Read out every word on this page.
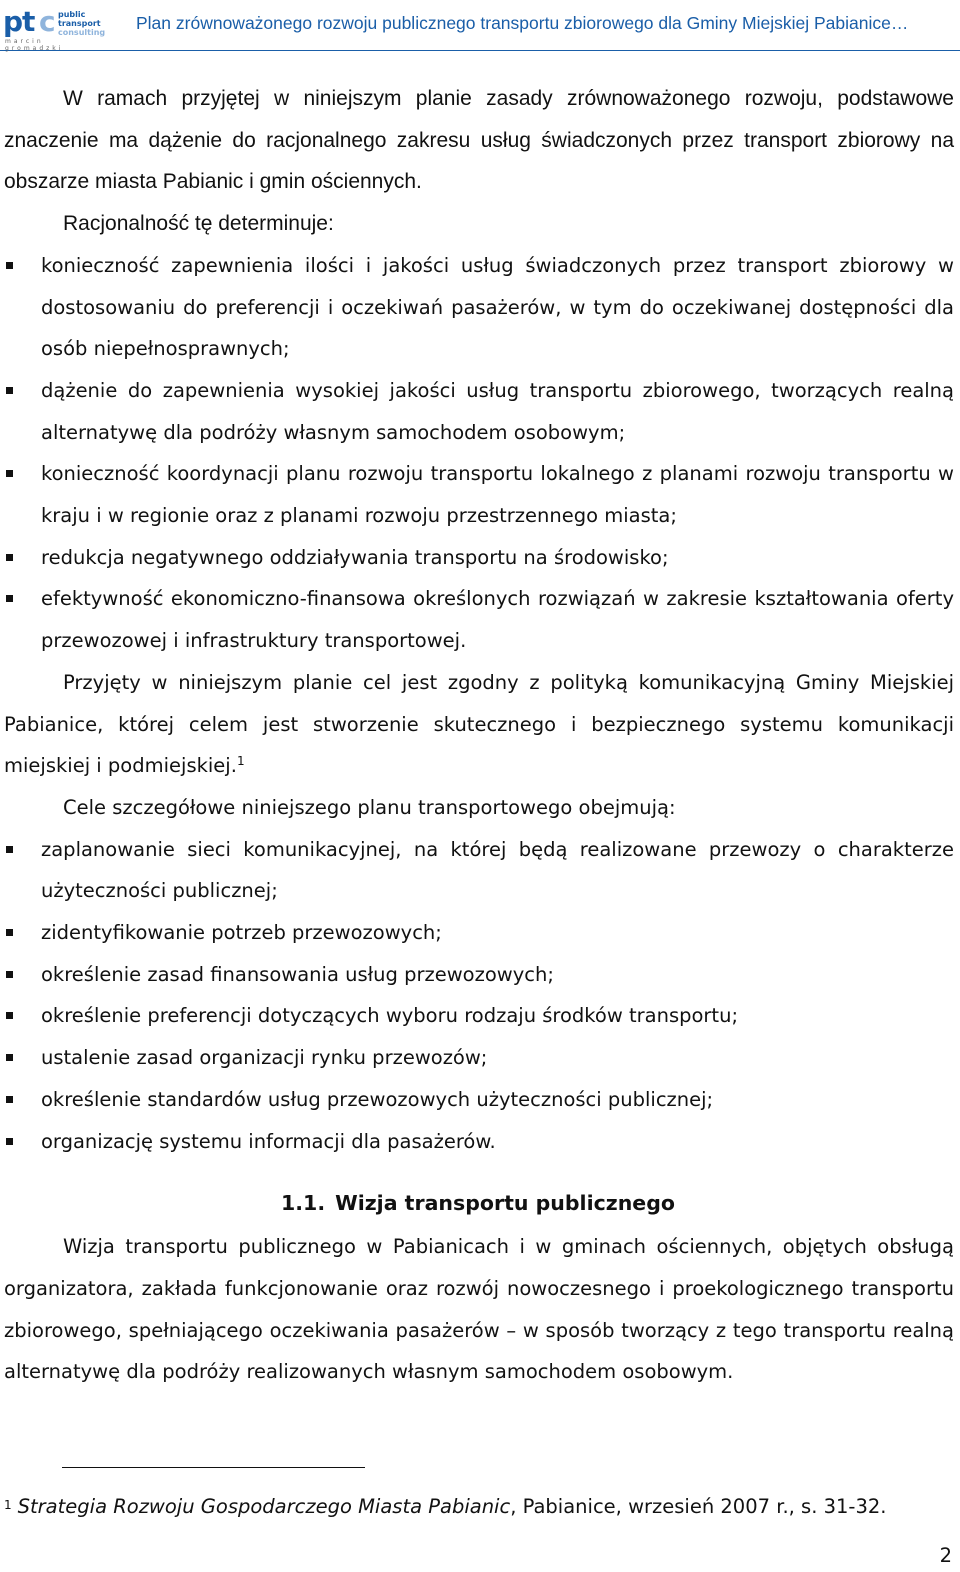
pt c public
transport
consulting
marcin gromadzki
Plan zrównoważonego rozwoju publicznego transportu zbiorowego dla Gminy Miejskiej Pabianice…

W ramach przyjętej w niniejszym planie zasady zrównoważonego rozwoju, podstawowe znaczenie ma dążenie do racjonalnego zakresu usług świadczonych przez transport zbiorowy na obszarze miasta Pabianic i gmin ościennych.

Racjonalność tę determinuje:

konieczność zapewnienia ilości i jakości usług świadczonych przez transport zbiorowy w dostosowaniu do preferencji i oczekiwań pasażerów, w tym do oczekiwanej dostępności dla osób niepełnosprawnych;
dążenie do zapewnienia wysokiej jakości usług transportu zbiorowego, tworzących realną alternatywę dla podróży własnym samochodem osobowym;
konieczność koordynacji planu rozwoju transportu lokalnego z planami rozwoju transportu w kraju i w regionie oraz z planami rozwoju przestrzennego miasta;
redukcja negatywnego oddziaływania transportu na środowisko;
efektywność ekonomiczno-finansowa określonych rozwiązań w zakresie kształtowania oferty przewozowej i infrastruktury transportowej.

Przyjęty w niniejszym planie cel jest zgodny z polityką komunikacyjną Gminy Miejskiej Pabianice, której celem jest stworzenie skutecznego i bezpiecznego systemu komunikacji miejskiej i podmiejskiej.$^1$

Cele szczegółowe niniejszego planu transportowego obejmują:

zaplanowanie sieci komunikacyjnej, na której będą realizowane przewozy o charakterze użyteczności publicznej;
zidentyfikowanie potrzeb przewozowych;
określenie zasad finansowania usług przewozowych;
określenie preferencji dotyczących wyboru rodzaju środków transportu;
ustalenie zasad organizacji rynku przewozów;
określenie standardów usług przewozowych użyteczności publicznej;
organizację systemu informacji dla pasażerów.
1.1. Wizja transportu publicznego

Wizja transportu publicznego w Pabianicach i w gminach ościennych, objętych obsługą organizatora, zakłada funkcjonowanie oraz rozwój nowoczesnego i proekologicznego transportu zbiorowego, spełniającego oczekiwania pasażerów – w sposób tworzący z tego transportu realną alternatywę dla podróży realizowanych własnym samochodem osobowym.

$^1$ Strategia Rozwoju Gospodarczego Miasta Pabianic, Pabianice, wrzesień 2007 r., s. 31-32.
2
